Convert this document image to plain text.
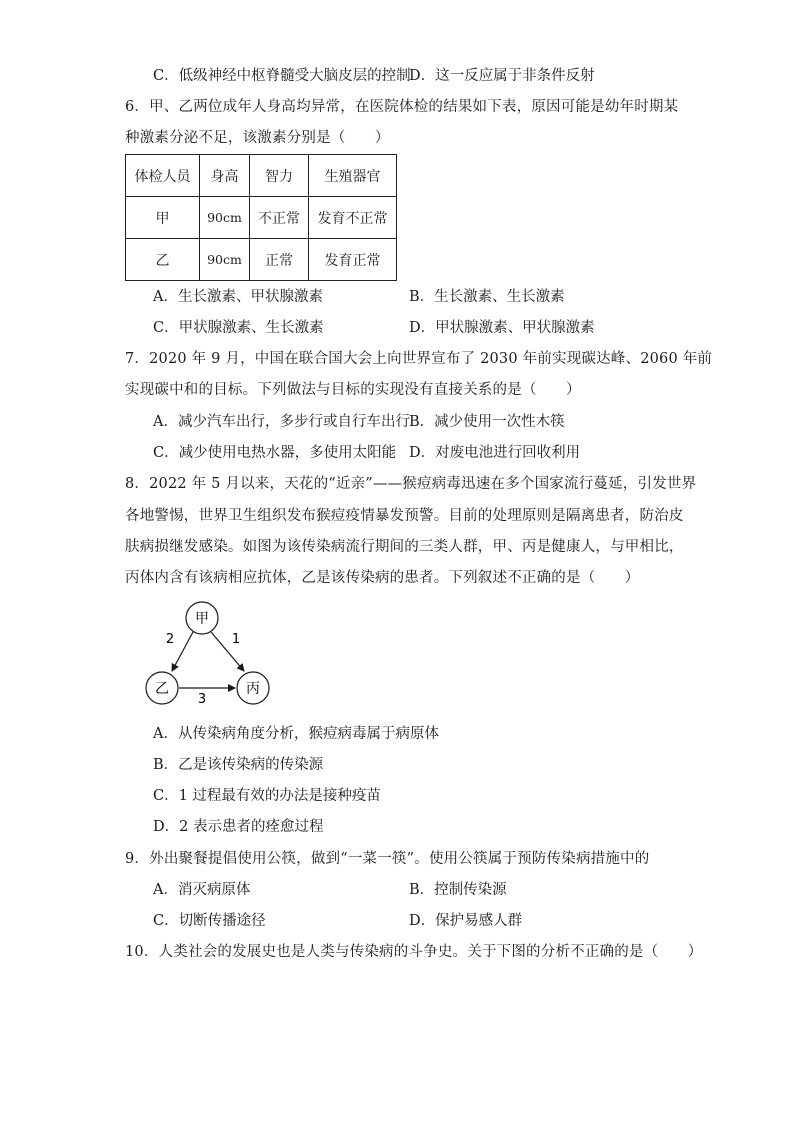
C．低级神经中枢脊髓受大脑皮层的控制
D．这一反应属于非条件反射
6．甲、乙两位成年人身高均异常，在医院体检的结果如下表，原因可能是幼年时期某
种激素分泌不足，该激素分别是（　　）
体检人员	身高	智力	生殖器官
甲	90cm	不正常	发育不正常
乙	90cm	正常	发育正常
A．生长激素、甲状腺激素	B．生长激素、生长激素
C．甲状腺激素、生长激素	D．甲状腺激素、甲状腺激素
7．2020 年 9 月，中国在联合国大会上向世界宣布了 2030 年前实现碳达峰、2060 年前
实现碳中和的目标。下列做法与目标的实现没有直接关系的是（　　）
A．减少汽车出行，多步行或自行车出行 B．减少使用一次性木筷
C．减少使用电热水器，多使用太阳能 D．对废电池进行回收利用
8．2022 年 5 月以来，天花的“近亲”——猴痘病毒迅速在多个国家流行蔓延，引发世界
各地警惕，世界卫生组织发布猴痘疫情暴发预警。目前的处理原则是隔离患者，防治皮
肤病损继发感染。如图为该传染病流行期间的三类人群，甲、丙是健康人，与甲相比，
丙体内含有该病相应抗体，乙是该传染病的患者。下列叙述不正确的是（　　）
甲
乙	丙
2	1
3
A．从传染病角度分析，猴痘病毒属于病原体
B．乙是该传染病的传染源
C．1 过程最有效的办法是接种疫苗
D．2 表示患者的痊愈过程
9．外出聚餐提倡使用公筷，做到“一菜一筷”。使用公筷属于预防传染病措施中的
A．消灭病原体	B．控制传染源
C．切断传播途径	D．保护易感人群
10．人类社会的发展史也是人类与传染病的斗争史。关于下图的分析不正确的是（　　）
